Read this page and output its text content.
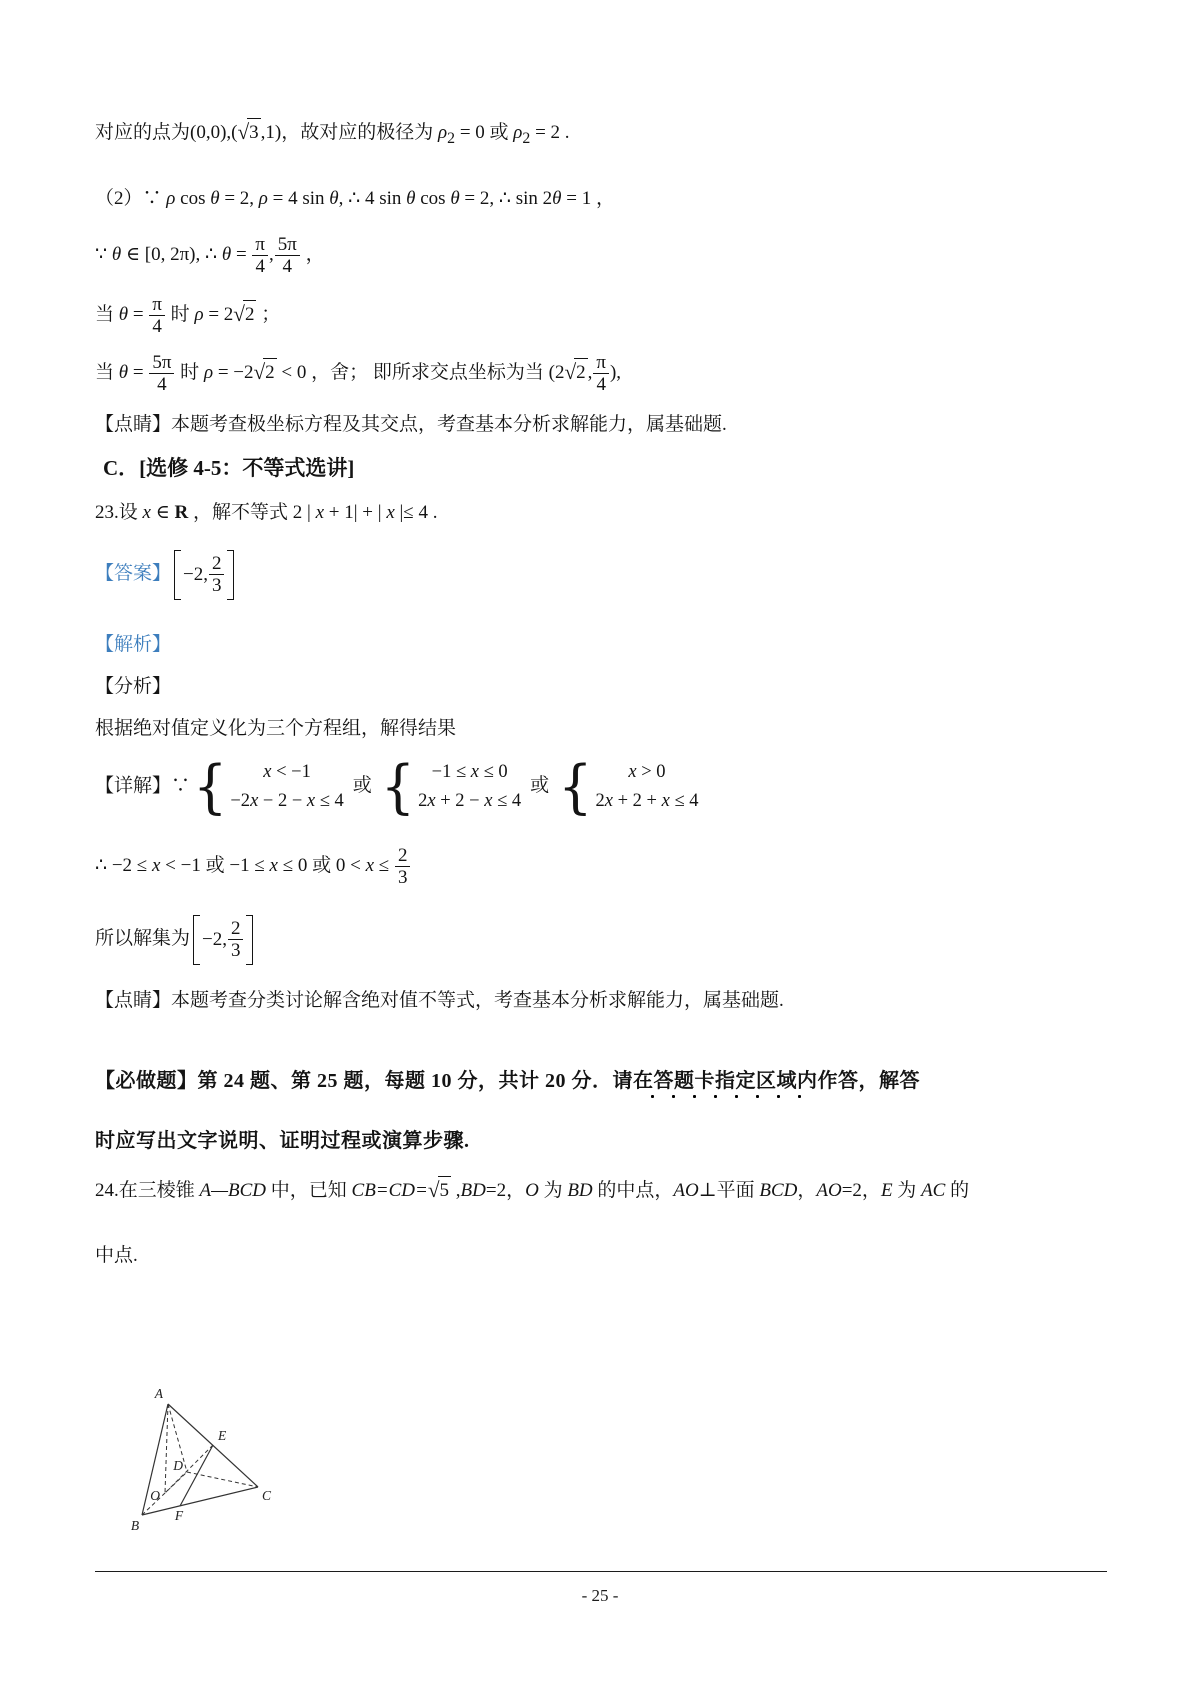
对应的点为(0,0),(√3 ,1)，故对应的极径为 $\rho_2 = 0$ 或 $\rho_2 = 2$ .
（2）∵ ρ cos θ = 2, ρ = 4 sin θ, ∴ 4 sin θ cos θ = 2, ∴ sin 2θ = 1 ，
∵ θ ∈ [0, 2π), ∴ $\theta = \frac{\pi}{4}$ , $\frac{5\pi}{4}$ ，
当 $\theta = \frac{\pi}{4}$ 时 ρ = 2√2 ；
当 $\theta = \frac{5\pi}{4}$ 时 ρ = −2√2 < 0 ，舍； 即所求交点坐标为当 (2√2 , $\frac{\pi}{4}$ ),
【点睛】本题考查极坐标方程及其交点，考查基本分析求解能力，属基础题.
C．[选修 4-5：不等式选讲]
23.设 x ∈ R ，解不等式 2 | x + 1| + | x |≤ 4 .
【答案】 −2, $\frac{2}{3}$
【解析】
【分析】
根据绝对值定义化为三个方程组，解得结果
【详解】∵ { x < −1
−2x − 2 − x ≤ 4
或 { −1 ≤ x ≤ 0
2x + 2 − x ≤ 4
或 { x > 0
2x + 2 + x ≤ 4
∴ −2 ≤ x < −1 或 −1 ≤ x ≤ 0 或 $0 < x \le \frac{2}{3}$
所以解集为 −2, $\frac{2}{3}$
【点睛】本题考查分类讨论解含绝对值不等式，考查基本分析求解能力，属基础题.
【必做题】第 24 题、第 25 题，每题 10 分，共计 20 分．请在答题卡指定区域内作答，解答
时应写出文字说明、证明过程或演算步骤.
24.在三棱锥 A—BCD 中，已知 CB=CD=√5 ,BD=2，O 为 BD 的中点，AO⊥平面 BCD，AO=2，E 为 AC 的
中点.
A
B
C
D
E
F
O
- 25 -
